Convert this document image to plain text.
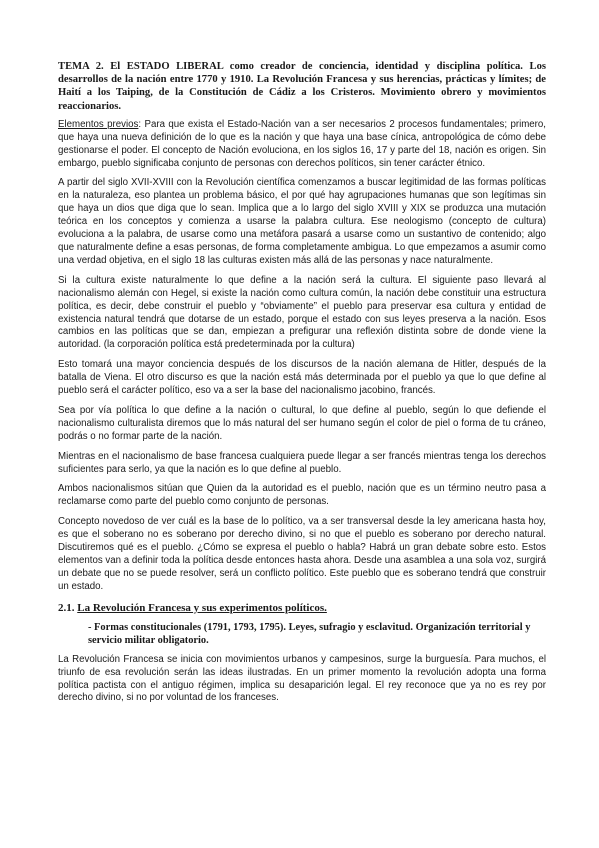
TEMA 2. El ESTADO LIBERAL como creador de conciencia, identidad y disciplina política. Los desarrollos de la nación entre 1770 y 1910. La Revolución Francesa y sus herencias, prácticas y límites; de Haití a los Taiping, de la Constitución de Cádiz a los Cristeros. Movimiento obrero y movimientos reaccionarios.

Elementos previos: Para que exista el Estado-Nación van a ser necesarios 2 procesos fundamentales; primero, que haya una nueva definición de lo que es la nación y que haya una base cínica, antropológica de cómo debe gestionarse el poder. El concepto de Nación evoluciona, en los siglos 16, 17 y parte del 18, nación es origen. Sin embargo, pueblo significaba conjunto de personas con derechos políticos, sin tener carácter étnico.

A partir del siglo XVII-XVIII con la Revolución científica comenzamos a buscar legitimidad de las formas políticas en la naturaleza, eso plantea un problema básico, el por qué hay agrupaciones humanas que son legítimas sin que haya un dios que diga que lo sean. Implica que a lo largo del siglo XVIII y XIX se produzca una mutación teórica en los conceptos y comienza a usarse la palabra cultura. Ese neologismo (concepto de cultura) evoluciona a la palabra, de usarse como una metáfora pasará a usarse como un sustantivo de contenido; algo que naturalmente define a esas personas, de forma completamente ambigua. Lo que empezamos a asumir como una verdad objetiva, en el siglo 18 las culturas existen más allá de las personas y nace naturalmente.

Si la cultura existe naturalmente lo que define a la nación será la cultura. El siguiente paso llevará al nacionalismo alemán con Hegel, si existe la nación como cultura común, la nación debe constituir una estructura política, es decir, debe construir el pueblo y “obviamente” el pueblo para preservar esa cultura y entidad de existencia natural tendrá que dotarse de un estado, porque el estado con sus leyes preserva a la nación. Esos cambios en las políticas que se dan, empiezan a prefigurar una reflexión distinta sobre de donde viene la autoridad. (la corporación política está predeterminada por la cultura)

Esto tomará una mayor conciencia después de los discursos de la nación alemana de Hitler, después de la batalla de Viena. El otro discurso es que la nación está más determinada por el pueblo ya que lo que define al pueblo será el carácter político, eso va a ser la base del nacionalismo jacobino, francés.

Sea por vía política lo que define a la nación o cultural, lo que define al pueblo, según lo que defiende el nacionalismo culturalista diremos que lo más natural del ser humano según el color de piel o forma de tu cráneo, podrás o no formar parte de la nación.

Mientras en el nacionalismo de base francesa cualquiera puede llegar a ser francés mientras tenga los derechos suficientes para serlo, ya que la nación es lo que define al pueblo.

Ambos nacionalismos sitúan que Quien da la autoridad es el pueblo, nación que es un término neutro pasa a reclamarse como parte del pueblo como conjunto de personas.

Concepto novedoso de ver cuál es la base de lo político, va a ser transversal desde la ley americana hasta hoy, es que el soberano no es soberano por derecho divino, si no que el pueblo es soberano por derecho natural. Discutiremos qué es el pueblo. ¿Cómo se expresa el pueblo o habla? Habrá un gran debate sobre esto. Estos elementos van a definir toda la política desde entonces hasta ahora. Desde una asamblea a una sola voz, surgirá un debate que no se puede resolver, será un conflicto político. Este pueblo que es soberano tendrá que construir un estado.

2.1. La Revolución Francesa y sus experimentos políticos.
- Formas constitucionales (1791, 1793, 1795). Leyes, sufragio y esclavitud. Organización territorial y servicio militar obligatorio.

La Revolución Francesa se inicia con movimientos urbanos y campesinos, surge la burguesía. Para muchos, el triunfo de esa revolución serán las ideas ilustradas. En un primer momento la revolución adopta una forma política pactista con el antiguo régimen, implica su desaparición legal. El rey reconoce que ya no es rey por derecho divino, si no por voluntad de los franceses.
